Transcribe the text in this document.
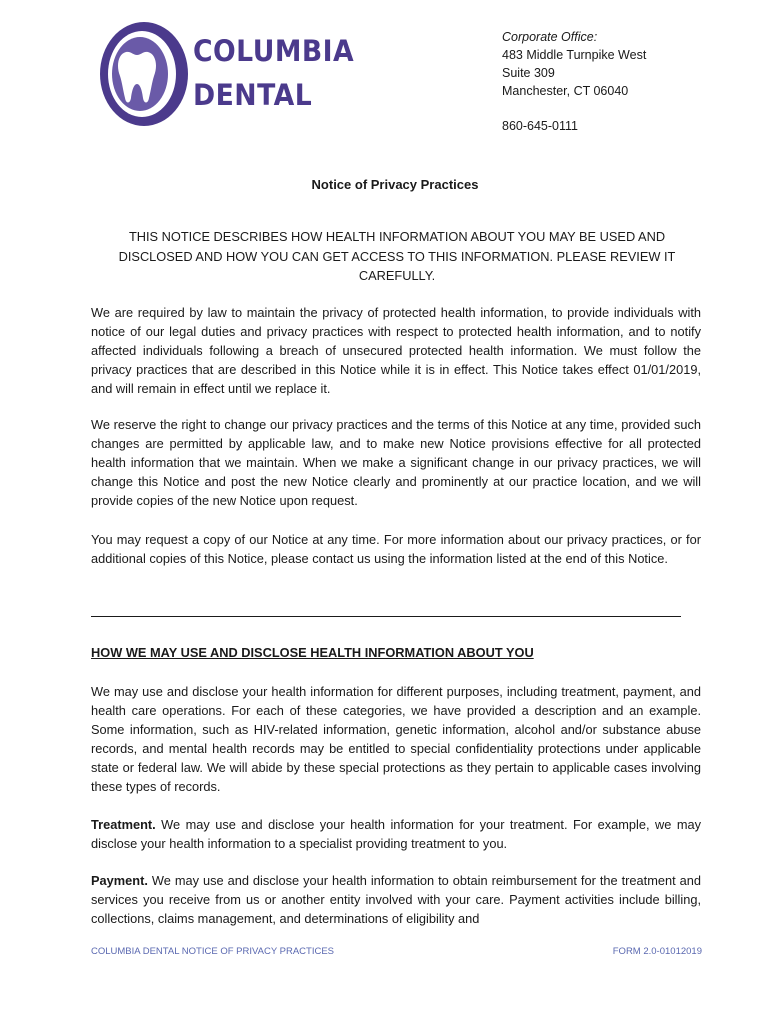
COLUMBIA
DENTAL
Corporate Office:
483 Middle Turnpike West
Suite 309
Manchester, CT 06040
860-645-0111
Notice of Privacy Practices
THIS NOTICE DESCRIBES HOW HEALTH INFORMATION ABOUT YOU MAY BE USED AND DISCLOSED AND HOW YOU CAN GET ACCESS TO THIS INFORMATION. PLEASE REVIEW IT CAREFULLY.
We are required by law to maintain the privacy of protected health information, to provide individuals with notice of our legal duties and privacy practices with respect to protected health information, and to notify affected individuals following a breach of unsecured protected health information. We must follow the privacy practices that are described in this Notice while it is in effect. This Notice takes effect 01/01/2019, and will remain in effect until we replace it.
We reserve the right to change our privacy practices and the terms of this Notice at any time, provided such changes are permitted by applicable law, and to make new Notice provisions effective for all protected health information that we maintain. When we make a significant change in our privacy practices, we will change this Notice and post the new Notice clearly and prominently at our practice location, and we will provide copies of the new Notice upon request.
You may request a copy of our Notice at any time. For more information about our privacy practices, or for additional copies of this Notice, please contact us using the information listed at the end of this Notice.
HOW WE MAY USE AND DISCLOSE HEALTH INFORMATION ABOUT YOU
We may use and disclose your health information for different purposes, including treatment, payment, and health care operations. For each of these categories, we have provided a description and an example. Some information, such as HIV-related information, genetic information, alcohol and/or substance abuse records, and mental health records may be entitled to special confidentiality protections under applicable state or federal law. We will abide by these special protections as they pertain to applicable cases involving these types of records.
Treatment. We may use and disclose your health information for your treatment. For example, we may disclose your health information to a specialist providing treatment to you.
Payment. We may use and disclose your health information to obtain reimbursement for the treatment and services you receive from us or another entity involved with your care. Payment activities include billing, collections, claims management, and determinations of eligibility and
COLUMBIA DENTAL NOTICE OF PRIVACY PRACTICES	FORM 2.0-01012019
